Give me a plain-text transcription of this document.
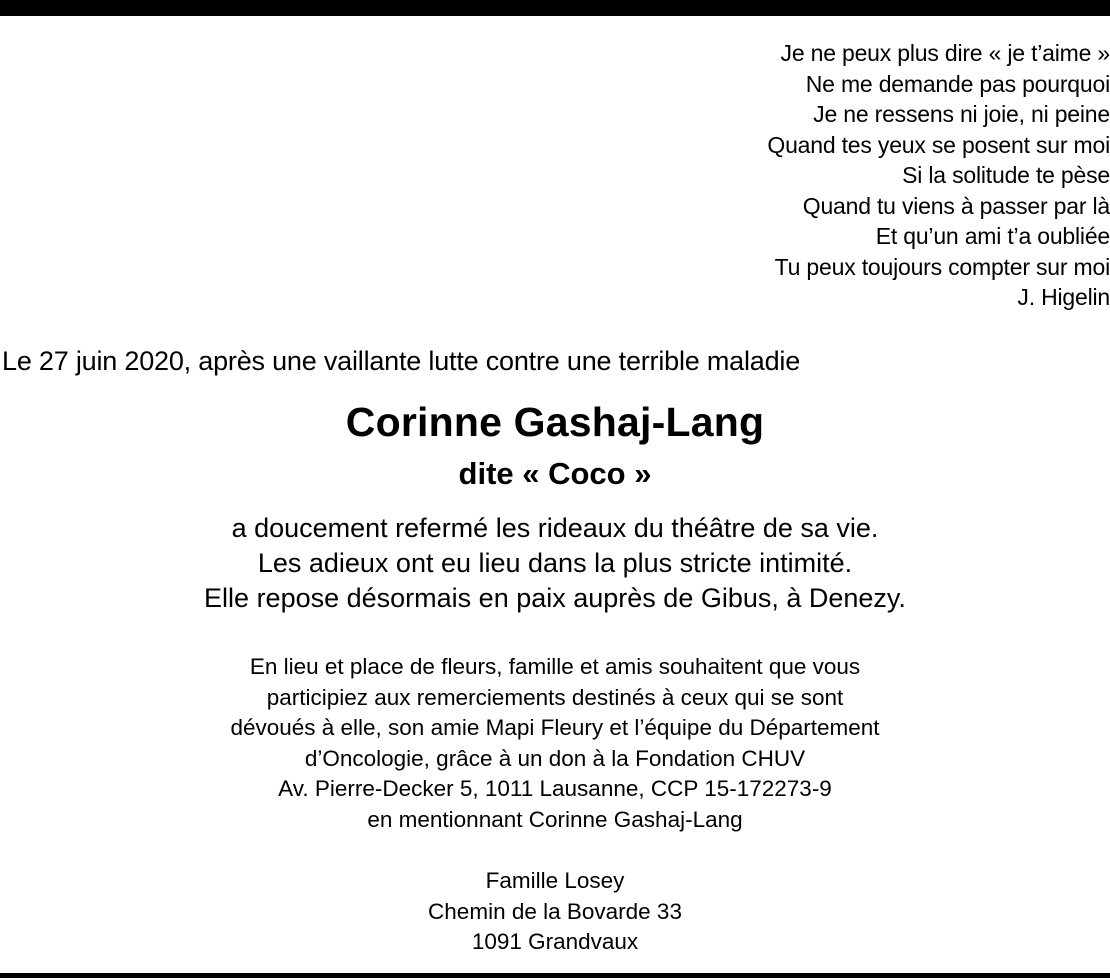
Je ne peux plus dire « je t’aime »
Ne me demande pas pourquoi
Je ne ressens ni joie, ni peine
Quand tes yeux se posent sur moi
Si la solitude te pèse
Quand tu viens à passer par là
Et qu’un ami t’a oubliée
Tu peux toujours compter sur moi
J. Higelin
Le 27 juin 2020, après une vaillante lutte contre une terrible maladie
Corinne Gashaj-Lang
dite « Coco »
a doucement refermé les rideaux du théâtre de sa vie.
Les adieux ont eu lieu dans la plus stricte intimité.
Elle repose désormais en paix auprès de Gibus, à Denezy.
En lieu et place de fleurs, famille et amis souhaitent que vous
participiez aux remerciements destinés à ceux qui se sont
dévoués à elle, son amie Mapi Fleury et l’équipe du Département
d’Oncologie, grâce à un don à la Fondation CHUV
Av. Pierre-Decker 5, 1011 Lausanne, CCP 15-172273-9
en mentionnant Corinne Gashaj-Lang
Famille Losey
Chemin de la Bovarde 33
1091 Grandvaux
